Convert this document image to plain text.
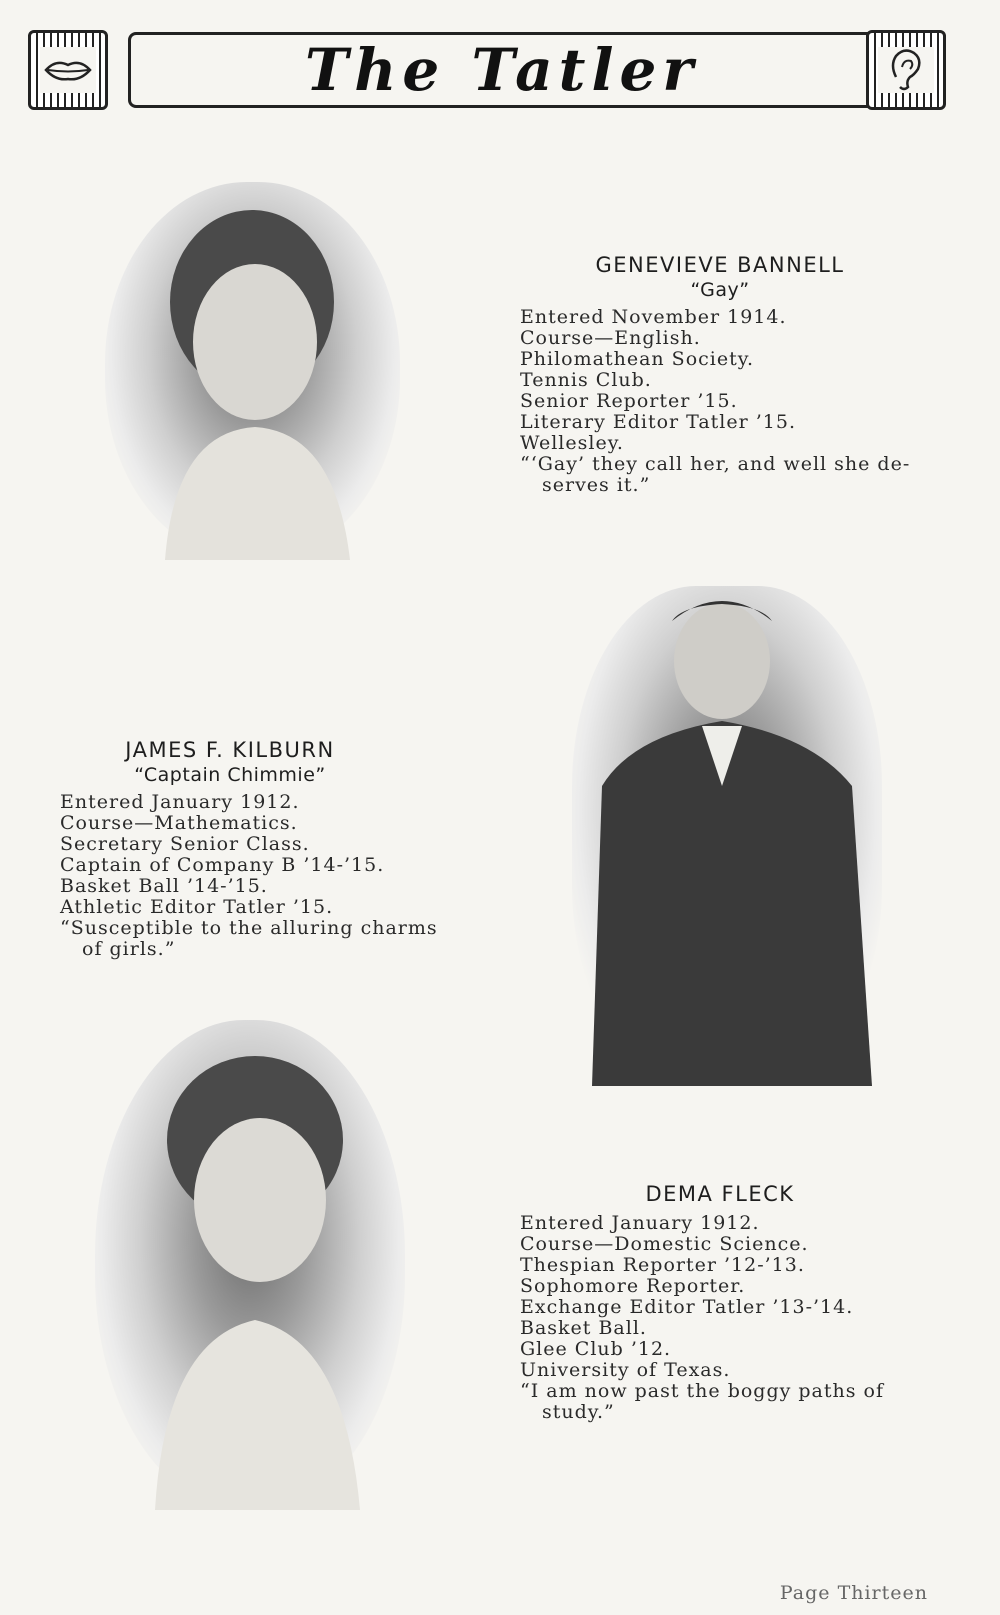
The Tatler
GENEVIEVE BANNELL
“Gay”
Entered November 1914.
Course—English.
Philomathean Society.
Tennis Club.
Senior Reporter ’15.
Literary Editor Tatler ’15.
Wellesley.
“‘Gay’ they call her, and well she de-serves it.”
JAMES F. KILBURN
“Captain Chimmie”
Entered January 1912.
Course—Mathematics.
Secretary Senior Class.
Captain of Company B ’14-’15.
Basket Ball ’14-’15.
Athletic Editor Tatler ’15.
“Susceptible to the alluring charms of girls.”
DEMA FLECK
Entered January 1912.
Course—Domestic Science.
Thespian Reporter ’12-’13.
Sophomore Reporter.
Exchange Editor Tatler ’13-’14.
Basket Ball.
Glee Club ’12.
University of Texas.
“I am now past the boggy paths of study.”
Page Thirteen
